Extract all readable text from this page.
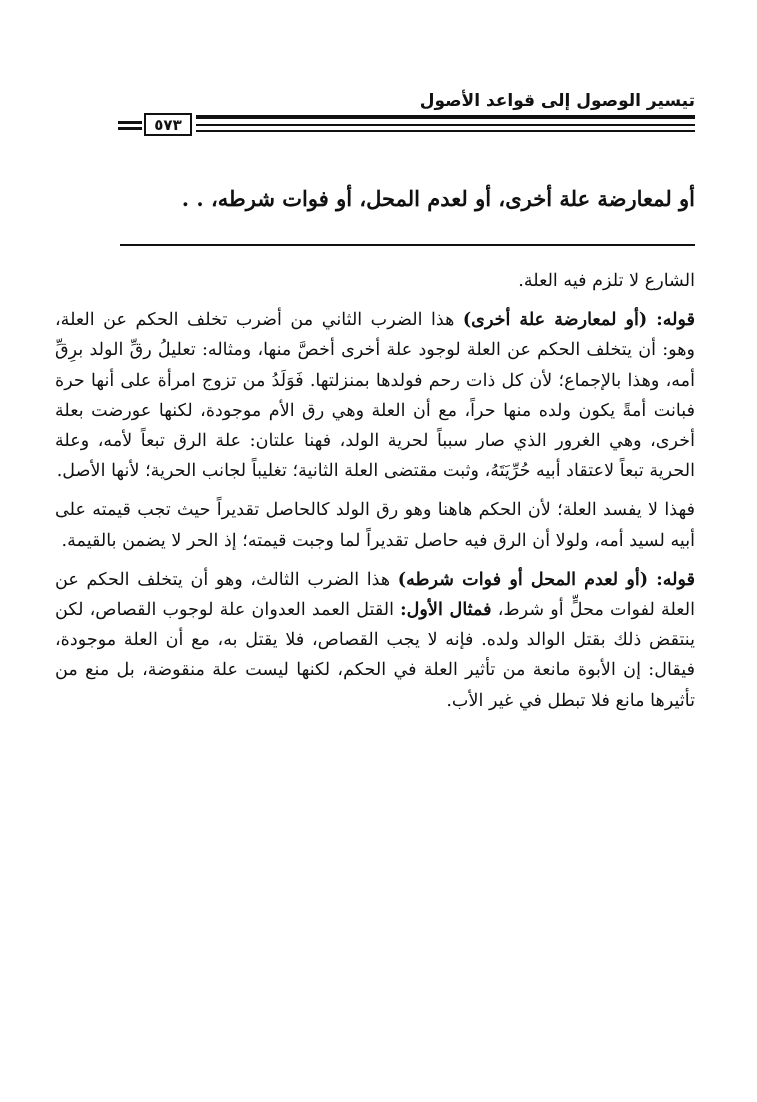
تيسير الوصول إلى قواعد الأصول
٥٧٣
أو لمعارضة علة أخرى، أو لعدم المحل، أو فوات شرطه، . .

الشارع لا تلزم فيه العلة.

قوله: (أو لمعارضة علة أخرى) هذا الضرب الثاني من أضرب تخلف الحكم عن العلة، وهو: أن يتخلف الحكم عن العلة لوجود علة أخرى أخصَّ منها، ومثاله: تعليلُ رقِّ الولد برِقِّ أمه، وهذا بالإجماع؛ لأن كل ذات رحم فولدها بمنزلتها. فَوَلَدُ من تزوج امرأة على أنها حرة فبانت أمةً يكون ولده منها حراً، مع أن العلة وهي رق الأم موجودة، لكنها عورضت بعلة أخرى، وهي الغرور الذي صار سبباً لحرية الولد، فهنا علتان: علة الرق تبعاً لأمه، وعلة الحرية تبعاً لاعتقاد أبيه حُرِّيَتَهُ، وثبت مقتضى العلة الثانية؛ تغليباً لجانب الحرية؛ لأنها الأصل.

فهذا لا يفسد العلة؛ لأن الحكم هاهنا وهو رق الولد كالحاصل تقديراً حيث تجب قيمته على أبيه لسيد أمه، ولولا أن الرق فيه حاصل تقديراً لما وجبت قيمته؛ إذ الحر لا يضمن بالقيمة.

قوله: (أو لعدم المحل أو فوات شرطه) هذا الضرب الثالث، وهو أن يتخلف الحكم عن العلة لفوات محلٍّ أو شرط، فمثال الأول: القتل العمد العدوان علة لوجوب القصاص، لكن ينتقض ذلك بقتل الوالد ولده. فإنه لا يجب القصاص، فلا يقتل به، مع أن العلة موجودة، فيقال: إن الأبوة مانعة من تأثير العلة في الحكم، لكنها ليست علة منقوضة، بل منع من تأثيرها مانع فلا تبطل في غير الأب.
